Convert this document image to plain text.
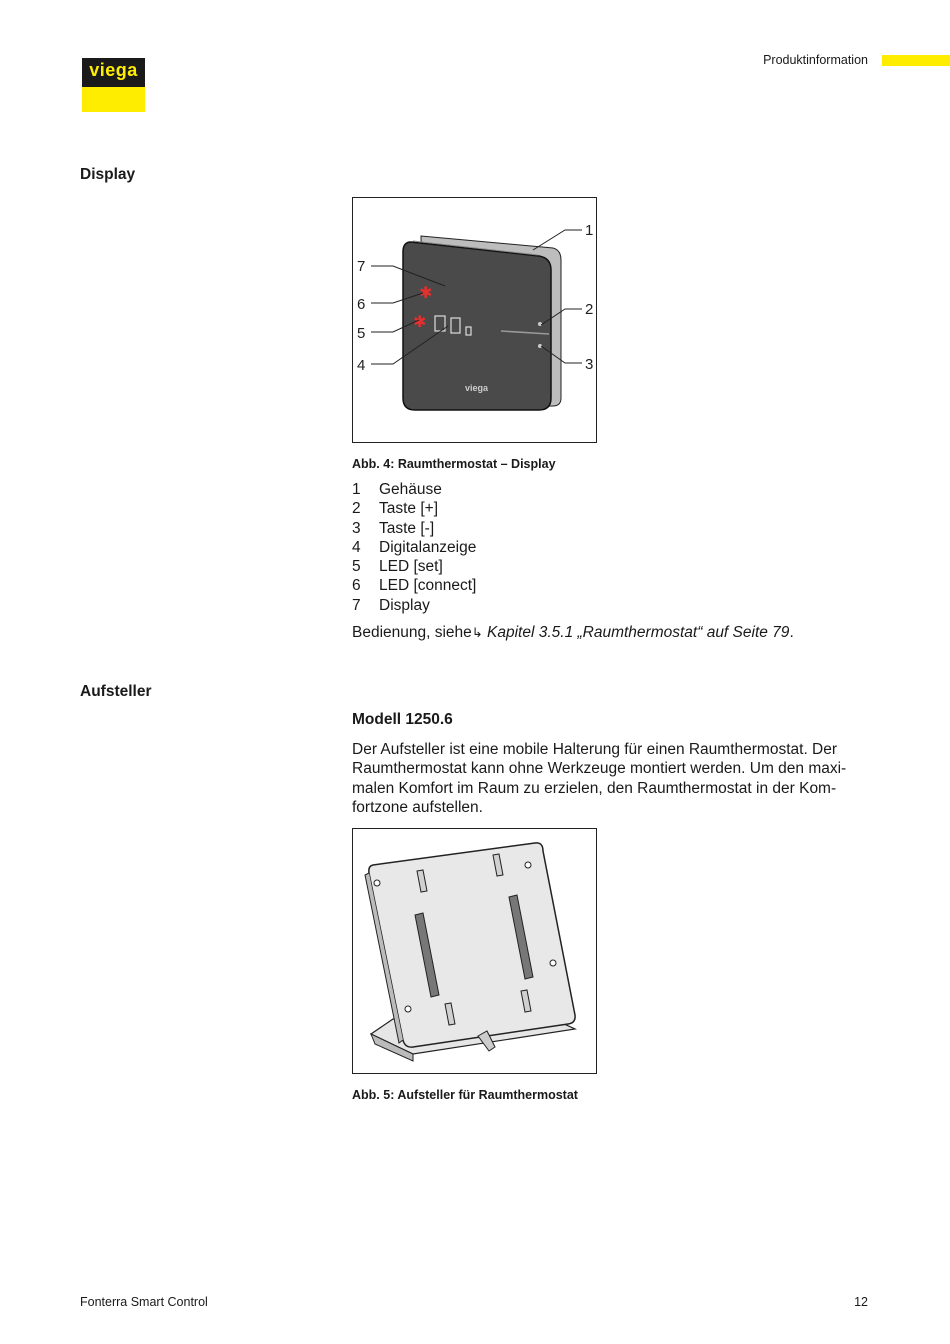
viega	Produktinformation
Display
✱
✱
viega
1
2
3
4
5
6
7
Abb. 4: Raumthermostat – Display
1	Gehäuse
2	Taste [+]
3	Taste [-]
4	Digitalanzeige
5	LED [set]
6	LED [connect]
7	Display
Bedienung, siehe↳ Kapitel 3.5.1 „Raumthermostat“ auf Seite 79.
Aufsteller
Modell 1250.6
Der Aufsteller ist eine mobile Halterung für einen Raumthermostat. Der
Raumthermostat kann ohne Werkzeuge montiert werden. Um den maxi-
malen Komfort im Raum zu erzielen, den Raumthermostat in der Kom-
fortzone aufstellen.
Abb. 5: Aufsteller für Raumthermostat
Fonterra Smart Control	12
